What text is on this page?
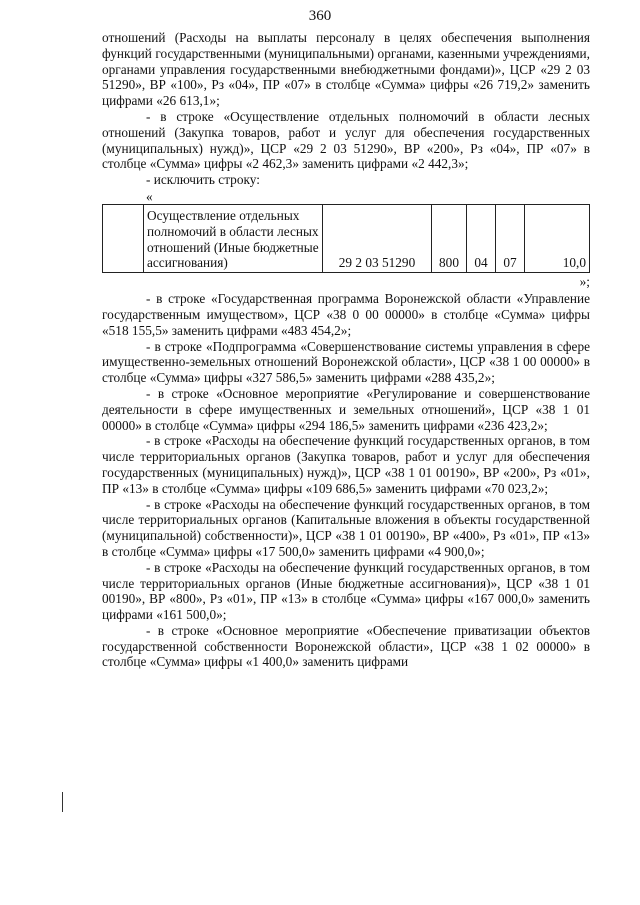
360

отношений (Расходы на выплаты персоналу в целях обеспечения выполнения функций государственными (муниципальными) органами, казенными учреждениями, органами управления государственными внебюджетными фондами)», ЦСР «29 2 03 51290», ВР «100», Рз «04», ПР «07» в столбце «Сумма» цифры «26 719,2» заменить цифрами «26 613,1»;

- в строке «Осуществление отдельных полномочий в области лесных отношений (Закупка товаров, работ и услуг для обеспечения государственных (муниципальных) нужд)», ЦСР «29 2 03 51290», ВР «200», Рз «04», ПР «07» в столбце «Сумма» цифры «2 462,3» заменить цифрами «2 442,3»;

- исключить строку:

«
	Осуществление отдельных полномочий в области лесных отношений (Иные бюджетные ассигнования)	29 2 03 51290	800	04	07	10,0
»;

- в строке «Государственная программа Воронежской области «Управление государственным имуществом», ЦСР «38 0 00 00000» в столбце «Сумма» цифры «518 155,5» заменить цифрами «483 454,2»;

- в строке «Подпрограмма «Совершенствование системы управления в сфере имущественно-земельных отношений Воронежской области», ЦСР «38 1 00 00000» в столбце «Сумма» цифры «327 586,5» заменить цифрами «288 435,2»;

- в строке «Основное мероприятие «Регулирование и совершенствование деятельности в сфере имущественных и земельных отношений», ЦСР «38 1 01 00000» в столбце «Сумма» цифры «294 186,5» заменить цифрами «236 423,2»;

- в строке «Расходы на обеспечение функций государственных органов, в том числе территориальных органов (Закупка товаров, работ и услуг для обеспечения государственных (муниципальных) нужд)», ЦСР «38 1 01 00190», ВР «200», Рз «01», ПР «13» в столбце «Сумма» цифры «109 686,5» заменить цифрами «70 023,2»;

- в строке «Расходы на обеспечение функций государственных органов, в том числе территориальных органов (Капитальные вложения в объекты государственной (муниципальной) собственности)», ЦСР «38 1 01 00190», ВР «400», Рз «01», ПР «13» в столбце «Сумма» цифры «17 500,0» заменить цифрами «4 900,0»;

- в строке «Расходы на обеспечение функций государственных органов, в том числе территориальных органов (Иные бюджетные ассигнования)», ЦСР «38 1 01 00190», ВР «800», Рз «01», ПР «13» в столбце «Сумма» цифры «167 000,0» заменить цифрами «161 500,0»;

- в строке «Основное мероприятие «Обеспечение приватизации объектов государственной собственности Воронежской области», ЦСР «38 1 02 00000» в столбце «Сумма» цифры «1 400,0» заменить цифрами
